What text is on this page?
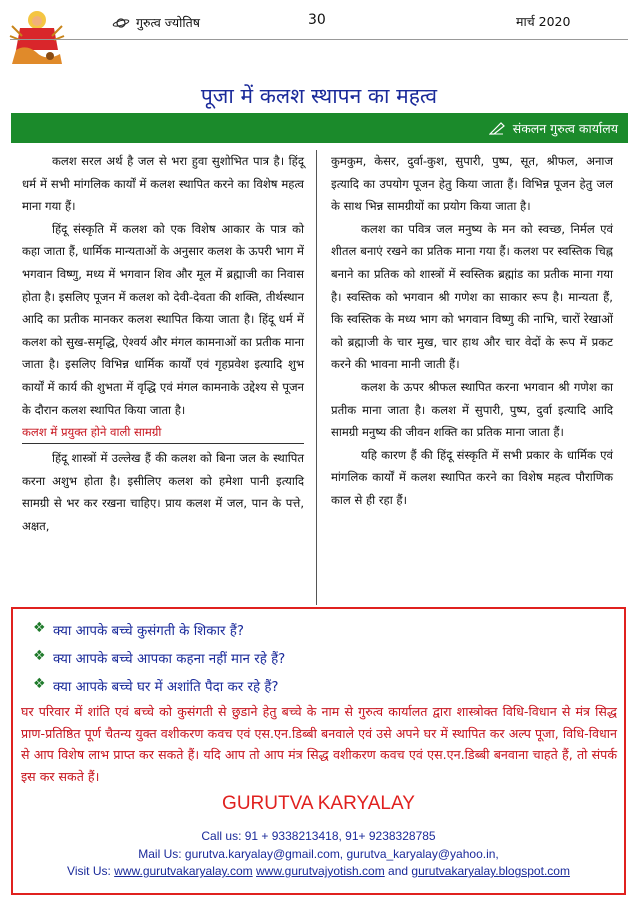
गुरुत्व ज्योतिष	30	मार्च 2020
पूजा में कलश स्थापन का महत्व
संकलन गुरुत्व कार्यालय

कलश सरल अर्थ है जल से भरा हुवा सुशोभित पात्र है। हिंदू धर्म में सभी मांगलिक कार्यों में कलश स्थापित करने का विशेष महत्व माना गया हैं।

हिंदू संस्कृति में कलश को एक विशेष आकार के पात्र को कहा जाता हैं, धार्मिक मान्यताओं के अनुसार कलश के ऊपरी भाग में भगवान विष्णु, मध्य में भगवान शिव और मूल में ब्रह्माजी का निवास होता है। इसलिए पूजन में कलश को देवी-देवता की शक्ति, तीर्थस्थान आदि का प्रतीक मानकर कलश स्थापित किया जाता है। हिंदू धर्म में कलश को सुख-समृद्धि, ऐश्वर्य और मंगल कामनाओं का प्रतीक माना जाता है। इसलिए विभिन्न धार्मिक कार्यों एवं गृहप्रवेश इत्यादि शुभ कार्यों में कार्य की शुभता में वृद्धि एवं मंगल कामनाके उद्देश्य से पूजन के दौरान कलश स्थापित किया जाता है।

कलश में प्रयुक्त होने वाली सामग्री

हिंदू शास्त्रों में उल्लेख हैं की कलश को बिना जल के स्थापित करना अशुभ होता है। इसीलिए कलश को हमेशा पानी इत्यादि सामग्री से भर कर रखना चाहिए। प्राय कलश में जल, पान के पत्ते, अक्षत,

कुमकुम, केसर, दुर्वा-कुश, सुपारी, पुष्प, सूत, श्रीफल, अनाज इत्यादि का उपयोग पूजन हेतु किया जाता हैं। विभिन्न पूजन हेतु जल के साथ भिन्न सामग्रीयों का प्रयोग किया जाता है।

कलश का पवित्र जल मनुष्य के मन को स्वच्छ, निर्मल एवं शीतल बनाएं रखने का प्रतिक माना गया हैं। कलश पर स्वस्तिक चिह्न बनाने का प्रतिक को शास्त्रों में स्वस्तिक ब्रह्मांड का प्रतीक माना गया है। स्वस्तिक को भगवान श्री गणेश का साकार रूप है। मान्यता हैं, कि स्वस्तिक के मध्य भाग को भगवान विष्णु की नाभि, चारों रेखाओं को ब्रह्माजी के चार मुख, चार हाथ और चार वेदों के रूप में प्रकट करने की भावना मानी जाती हैं।

कलश के ऊपर श्रीफल स्थापित करना भगवान श्री गणेश का प्रतीक माना जाता है। कलश में सुपारी, पुष्प, दुर्वा इत्यादि आदि सामग्री मनुष्य की जीवन शक्ति का प्रतिक माना जाता हैं।

यहि कारण हैं की हिंदू संस्कृति में सभी प्रकार के धार्मिक एवं मांगलिक कार्यों में कलश स्थापित करने का विशेष महत्व पौराणिक काल से ही रहा हैं।

❖
क्या आपके बच्चे कुसंगती के शिकार हैं?
❖
क्या आपके बच्चे आपका कहना नहीं मान रहे हैं?
❖
क्या आपके बच्चे घर में अशांति पैदा कर रहे हैं?

घर परिवार में शांति एवं बच्चे को कुसंगती से छुडाने हेतु बच्चे के नाम से गुरुत्व कार्यालत द्वारा शास्त्रोक्त विधि-विधान से मंत्र सिद्ध प्राण-प्रतिष्ठित पूर्ण चैतन्य युक्त वशीकरण कवच एवं एस.एन.डिब्बी बनवाले एवं उसे अपने घर में स्थापित कर अल्प पूजा, विधि-विधान से आप विशेष लाभ प्राप्त कर सकते हैं। यदि आप तो आप मंत्र सिद्ध वशीकरण कवच एवं एस.एन.डिब्बी बनवाना चाहते हैं, तो संपर्क इस कर सकते हैं।

GURUTVA KARYALAY
Call us: 91 + 9338213418, 91+ 9238328785
Mail Us: gurutva.karyalay@gmail.com, gurutva_karyalay@yahoo.in,
Visit Us: www.gurutvakaryalay.com www.gurutvajyotish.com and gurutvakaryalay.blogspot.com
